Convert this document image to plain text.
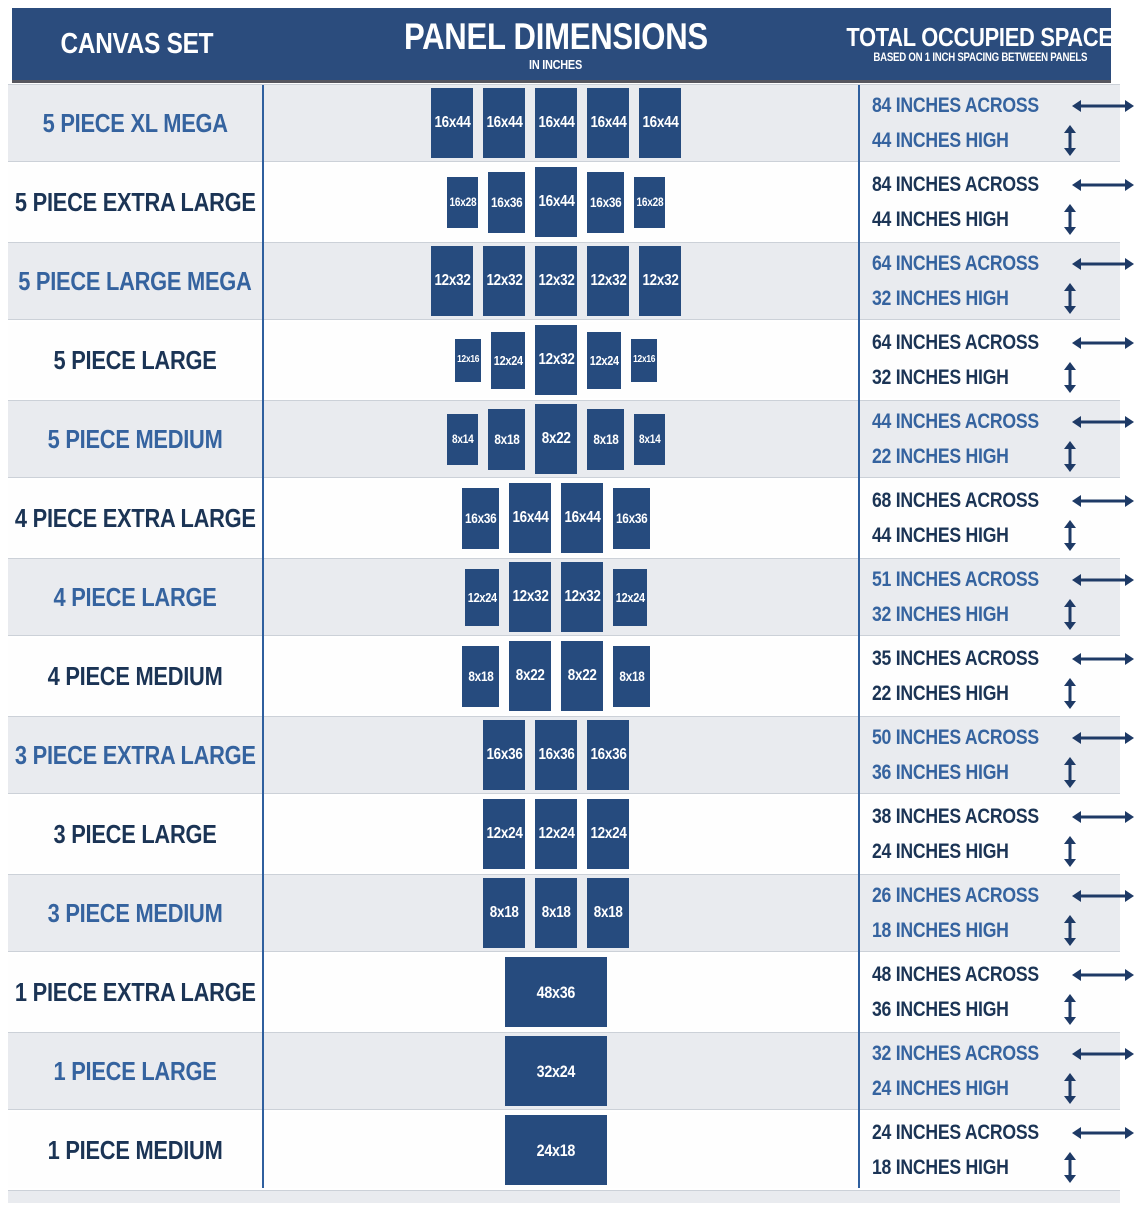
CANVAS SET	PANEL DIMENSIONS
IN INCHES
TOTAL OCCUPIED SPACE
BASED ON 1 INCH SPACING BETWEEN PANELS
5 PIECE XL MEGA	16x44 16x44 16x44 16x44 16x44
84 INCHES ACROSS
44 INCHES HIGH
5 PIECE EXTRA LARGE	16x28 16x36 16x44 16x36 16x28
84 INCHES ACROSS
44 INCHES HIGH
5 PIECE LARGE MEGA	12x32 12x32 12x32 12x32 12x32
64 INCHES ACROSS
32 INCHES HIGH
5 PIECE LARGE	12x16 12x24 12x32 12x24 12x16
64 INCHES ACROSS
32 INCHES HIGH
5 PIECE MEDIUM	8x14 8x18 8x22 8x18 8x14
44 INCHES ACROSS
22 INCHES HIGH
4 PIECE EXTRA LARGE	16x36 16x44 16x44 16x36
68 INCHES ACROSS
44 INCHES HIGH
4 PIECE LARGE	12x24 12x32 12x32 12x24
51 INCHES ACROSS
32 INCHES HIGH
4 PIECE MEDIUM	8x18 8x22 8x22 8x18
35 INCHES ACROSS
22 INCHES HIGH
3 PIECE EXTRA LARGE	16x36 16x36 16x36
50 INCHES ACROSS
36 INCHES HIGH
3 PIECE LARGE	12x24 12x24 12x24
38 INCHES ACROSS
24 INCHES HIGH
3 PIECE MEDIUM	8x18 8x18 8x18
26 INCHES ACROSS
18 INCHES HIGH
1 PIECE EXTRA LARGE	48x36
48 INCHES ACROSS
36 INCHES HIGH
1 PIECE LARGE	32x24
32 INCHES ACROSS
24 INCHES HIGH
1 PIECE MEDIUM	24x18
24 INCHES ACROSS
18 INCHES HIGH
